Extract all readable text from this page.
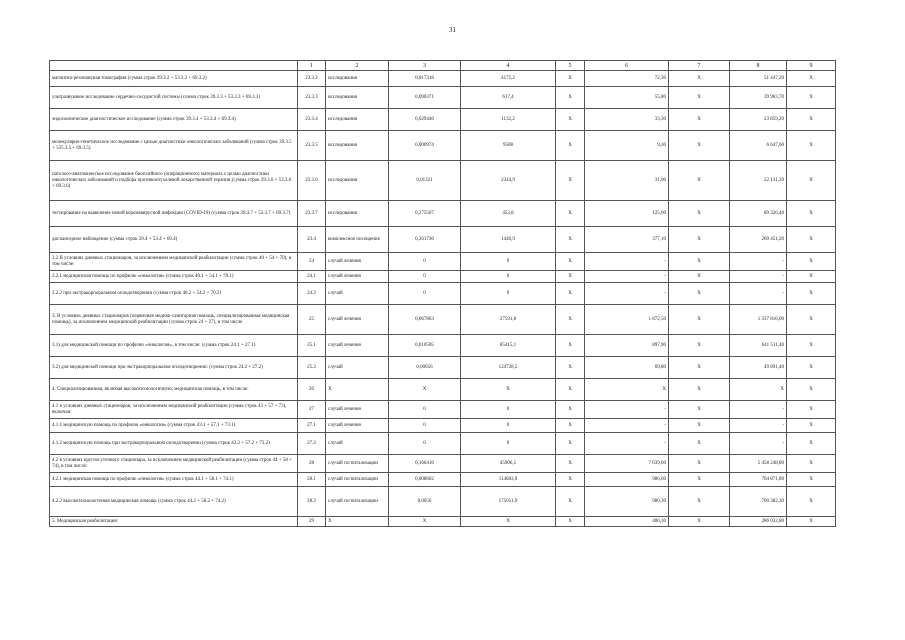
31
	1	2	3	4	5	6	7	8	9
магнитно-резонансная томография (сумма строк 39.3.2 + 53.3.2 + 69.3.2)	23.3.2	исследования	0,017318	4175,2	X	72,30	X	51 447,20	X
ультразвуковое исследование сердечно-сосудистой системы (сумма строк 39.3.3 + 53.3.3 + 69.3.3)	23.3.3	исследования	0,090371	617,4	X	55,80	X	39 963,70	X
эндоскопическое диагностическое исследование (сумма строк 39.3.4 + 53.3.4 + 69.3.4)	23.3.4	исследования	0,029446	1132,2	X	33,30	X	23 859,20	X
молекулярно-генетическое исследование с целью диагностики онкологических заболеваний (сумма строк 39.3.5 + 535.3.5 + 69.3.5)	23.3.5	исследования	0,000974	9508	X	9,30	X	6 647,60	X
патолого-анатомическое исследование биопсийного (операционного) материала с целью диагностики онкологических заболеваний и подбора противоопухолевой лекарственной терапии (сумма строк 39.3.6 + 53.3.6 + 69.3.6)	23.3.6	исследования	0,01321	2344,9	X	31,00	X	22 131,20	X
тестирование на выявление новой коронавирусной инфекции (COVID-19) (сумма строк 39.3.7 + 53.3.7 + 69.3.7)	23.3.7	исследования	0,275507	453,8	X	125,00	X	89 326,40	X
диспансерное наблюдение (сумма строк 39.4 + 53.4 + 69.4)	23.4	комплексное посещение	0,261736	1440,9	X	377,10	X	269 451,20	X
2.2 В условиях дневных стационаров, за исключением медицинской реабилитации (сумма строк 40 + 54 + 70), в том числе:	24	случай лечения	0	0	X	-	X	-	X
2.2.1 медицинская помощь по профилю «онкология» (сумма строк 40.1 + 54.1 + 70.1)	24.1	случай лечения	0	0	X	-	X	-	X
2.2.2 при экстракорпоральном оплодотворении (сумма строк 40.2 + 54.2 + 70.2)	24.2	случай	0	0	X	-	X	-	X
3. В условиях дневных стационаров (первичная медико-санитарная помощь, специализированная медицинская помощь), за исключением медицинской реабилитации (сумма строк 24 + 27), в том числе	25	случай лечения	0,067863	27591,8	X	1 872,50	X	1 337 816,00	X
3.1) для медицинской помощи по профилю «онкология», в том числе: (сумма строк 24.1 + 27.1)	25.1	случай лечения	0,010505	85415,1	X	897,90	X	641 511,40	X
3.2) для медицинской помощи при экстракорпоральном оплодотворении: (сумма строк 24.2 + 27.2)	25.2	случай	0,00056	124728,5	X	69,80	X	49 891,40	X
4. Специализированная, включая высокотехнологичную, медицинская помощь, в том числе:	26	X	X	X	X	X	X	X	X
4.1 в условиях дневных стационаров, за исключением медицинской реабилитации (сумма строк 43 + 57 + 73), включая:	27	случай лечения	0	0	X	-	X	-	X
4.1.1 медицинскую помощь по профилю «онкология» (сумма строк 43.1 + 57.1 + 73.1)	27.1	случай лечения	0	0	X	-	X	-	X
4.1.2 медицинскую помощь при экстракорпоральном оплодотворении (сумма строк 43.2 + 57.2 + 73.2)	27.2	случай	0	0	X	-	X	-	X
4.2 в условиях круглосуточного стационара, за исключением медицинской реабилитации (сумма строк 44 + 58 + 74), в том числе:	28	случай госпитализации	0,166416	45906,5	X	7 639,60	X	5 458 248,80	X
4.2.1 медицинская помощь по профилю «онкология» (сумма строк 44.1 + 58.1 + 74.1)	28.1	случай госпитализации	0,008602	114683,9	X	986,60	X	704 871,80	X
4.2.2 высокотехнологичная медицинская помощь (сумма строк 44.2 + 58.2 + 74.2)	28.2	случай госпитализации	0,0056	175051,9	X	980,30	X	700 382,30	X
5. Медицинская реабилитация:	29	X	X	X	X	400,30	X	286 032,80	X
